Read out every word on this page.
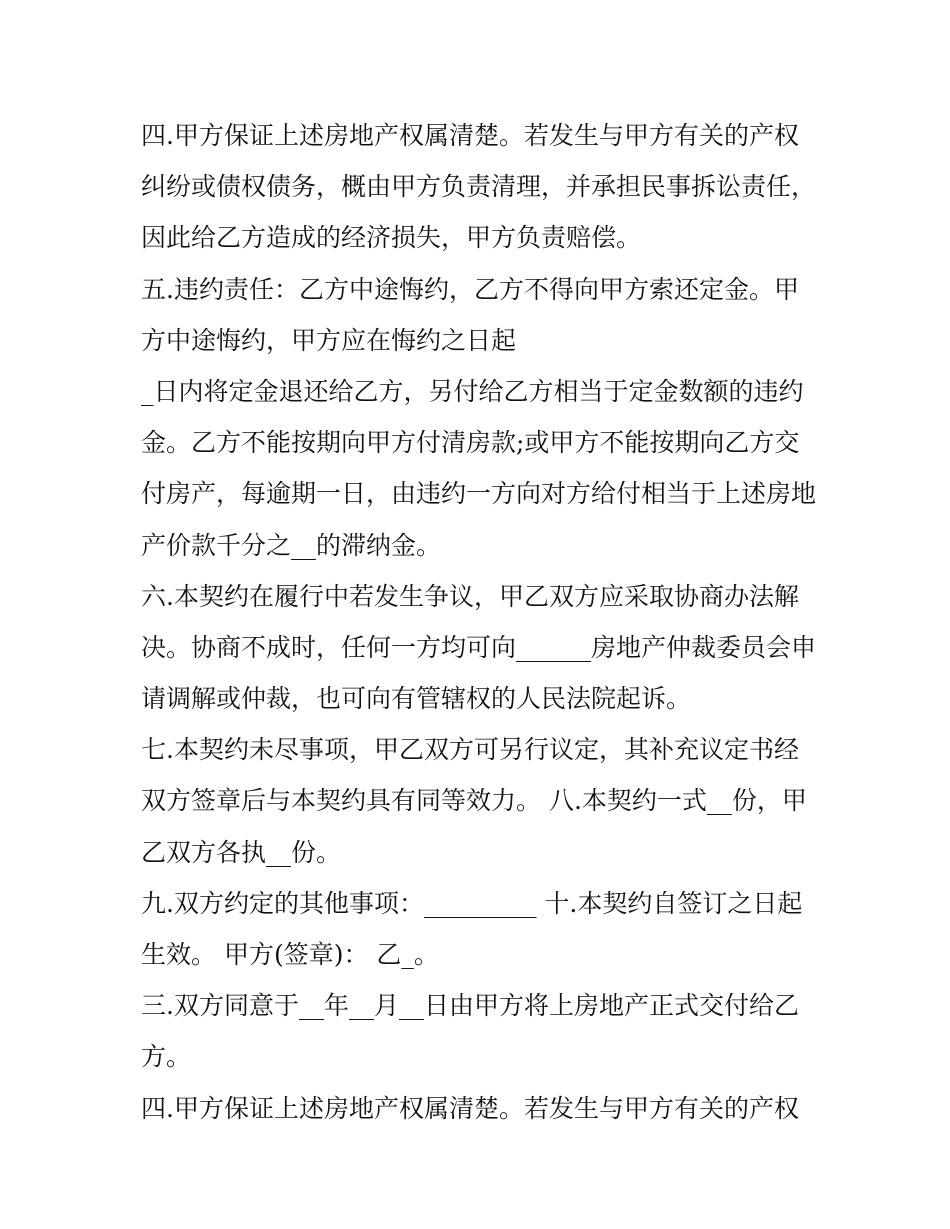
四.甲方保证上述房地产权属清楚。若发生与甲方有关的产权
纠纷或债权债务，概由甲方负责清理，并承担民事拆讼责任，
因此给乙方造成的经济损失，甲方负责赔偿。
五.违约责任：乙方中途悔约，乙方不得向甲方索还定金。甲
方中途悔约，甲方应在悔约之日起
_日内将定金退还给乙方，另付给乙方相当于定金数额的违约
金。乙方不能按期向甲方付清房款;或甲方不能按期向乙方交
付房产，每逾期一日，由违约一方向对方给付相当于上述房地
产价款千分之__的滞纳金。
六.本契约在履行中若发生争议，甲乙双方应采取协商办法解
决。协商不成时，任何一方均可向______房地产仲裁委员会申
请调解或仲裁，也可向有管辖权的人民法院起诉。
七.本契约未尽事项，甲乙双方可另行议定，其补充议定书经
双方签章后与本契约具有同等效力。 八.本契约一式__份，甲
乙双方各执__份。
九.双方约定的其他事项：_________ 十.本契约自签订之日起
生效。 甲方(签章)： 乙_。
三.双方同意于__年__月__日由甲方将上房地产正式交付给乙
方。
四.甲方保证上述房地产权属清楚。若发生与甲方有关的产权
